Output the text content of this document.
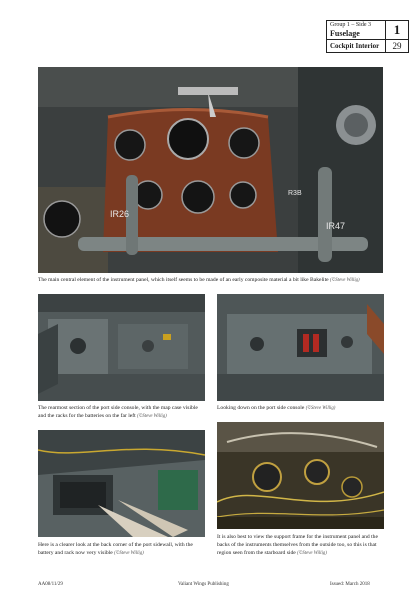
Group 1 – Side 3
Fuselage	1
Cockpit Interior	29
IR26
IR47
R3B
The main central element of the instrument panel, which itself seems to be made of an early composite material a bit like Bakelite (©Steve Willig)
The rearmost section of the port side console, with the map case visible and the racks for the batteries on the far left (©Steve Willig)
Looking down on the port side console (©Steve Willig)
Here is a clearer look at the back corner of the port sidewall, with the battery and rack now very visible (©Steve Willig)
It is also best to view the support frame for the instrument panel and the backs of the instruments themselves from the outside too, so this is that region seen from the starboard side (©Steve Willig)
AA08/11/29	Valiant Wings Publishing	Issued: March 2018
